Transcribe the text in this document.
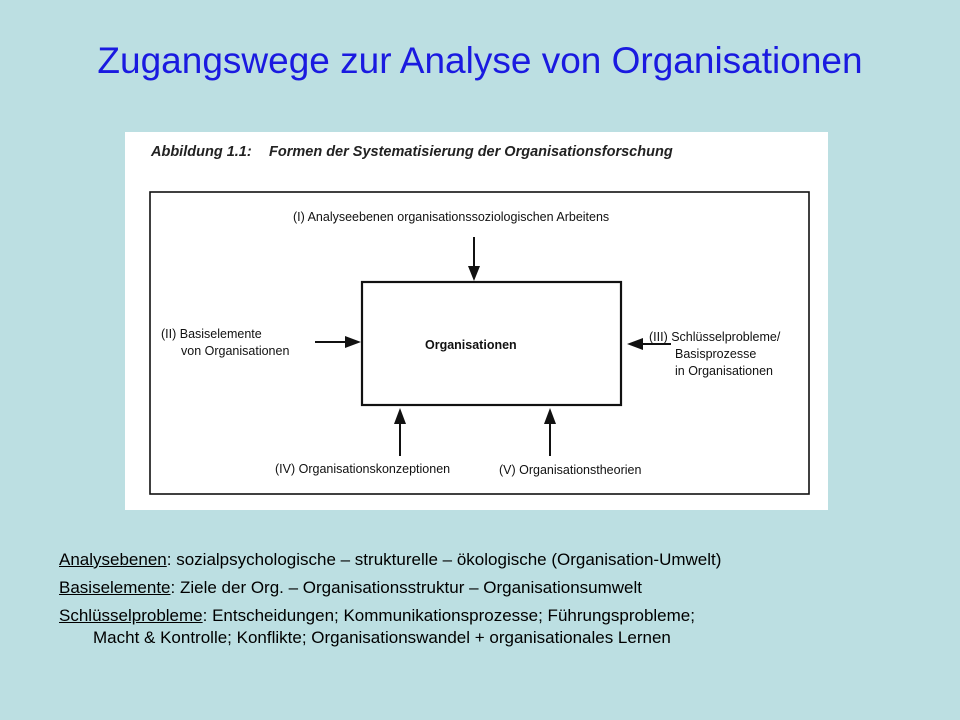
Zugangswege zur Analyse von Organisationen
Abbildung 1.1: Formen der Systematisierung der Organisationsforschung
(I) Analyseebenen organisationssoziologischen Arbeitens
Organisationen
(II) Basiselemente
von Organisationen
(III) Schlüsselprobleme/
Basisprozesse
in Organisationen
(IV) Organisationskonzeptionen	(V) Organisationstheorien
Analysebenen: sozialpsychologische – strukturelle – ökologische (Organisation-Umwelt)
Basiselemente: Ziele der Org. – Organisationsstruktur – Organisationsumwelt
Schlüsselprobleme: Entscheidungen; Kommunikationsprozesse; Führungsprobleme;
Macht & Kontrolle; Konflikte; Organisationswandel + organisationales Lernen
